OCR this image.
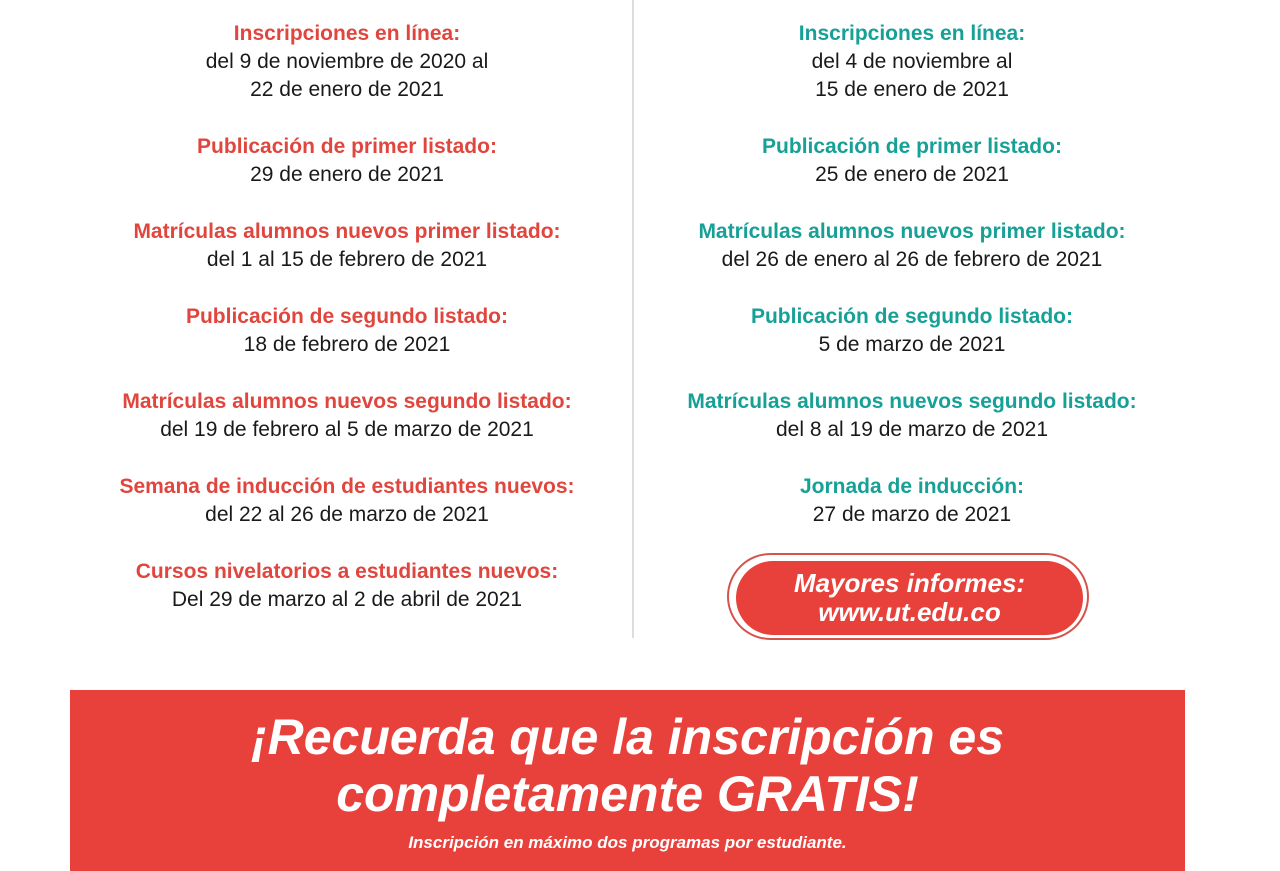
Inscripciones en línea:
del 9 de noviembre de 2020 al
22 de enero de 2021
Publicación de primer listado:
29 de enero de 2021
Matrículas alumnos nuevos primer listado:
del 1 al 15 de febrero de 2021
Publicación de segundo listado:
18 de febrero de 2021
Matrículas alumnos nuevos segundo listado:
del 19 de febrero al 5 de marzo de 2021
Semana de inducción de estudiantes nuevos:
del 22 al 26 de marzo de 2021
Cursos nivelatorios a estudiantes nuevos:
Del 29 de marzo al 2 de abril de 2021
Inscripciones en línea:
del 4 de noviembre al
15 de enero de 2021
Publicación de primer listado:
25 de enero de 2021
Matrículas alumnos nuevos primer listado:
del 26 de enero al 26 de febrero de 2021
Publicación de segundo listado:
5 de marzo de 2021
Matrículas alumnos nuevos segundo listado:
del 8 al 19 de marzo de 2021
Jornada de inducción:
27 de marzo de 2021
Mayores informes:
www.ut.edu.co
¡Recuerda que la inscripción es
completamente GRATIS!
Inscripción en máximo dos programas por estudiante.
